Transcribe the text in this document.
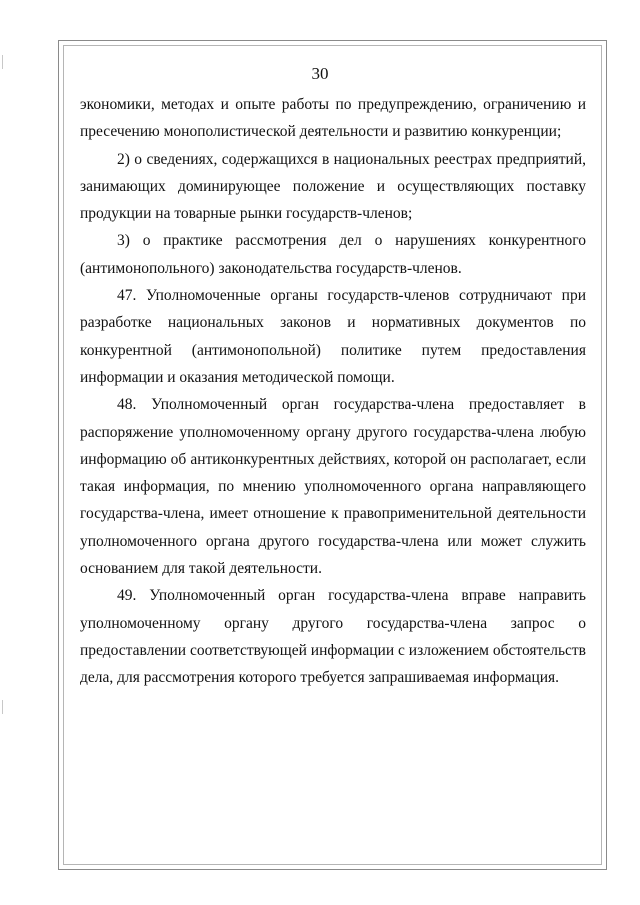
30

экономики, методах и опыте работы по предупреждению, ограничению и пресечению монополистической деятельности и развитию конкуренции;

2) о сведениях, содержащихся в национальных реестрах предприятий, занимающих доминирующее положение и осуществляющих поставку продукции на товарные рынки государств-членов;

3) о практике рассмотрения дел о нарушениях конкурентного (антимонопольного) законодательства государств-членов.

47. Уполномоченные органы государств-членов сотрудничают при разработке национальных законов и нормативных документов по конкурентной (антимонопольной) политике путем предоставления информации и оказания методической помощи.

48. Уполномоченный орган государства-члена предоставляет в распоряжение уполномоченному органу другого государства-члена любую информацию об антиконкурентных действиях, которой он располагает, если такая информация, по мнению уполномоченного органа направляющего государства-члена, имеет отношение к правоприменительной деятельности уполномоченного органа другого государства-члена или может служить основанием для такой деятельности.

49. Уполномоченный орган государства-члена вправе направить уполномоченному органу другого государства-члена запрос о предоставлении соответствующей информации с изложением обстоятельств дела, для рассмотрения которого требуется запрашиваемая информация.
